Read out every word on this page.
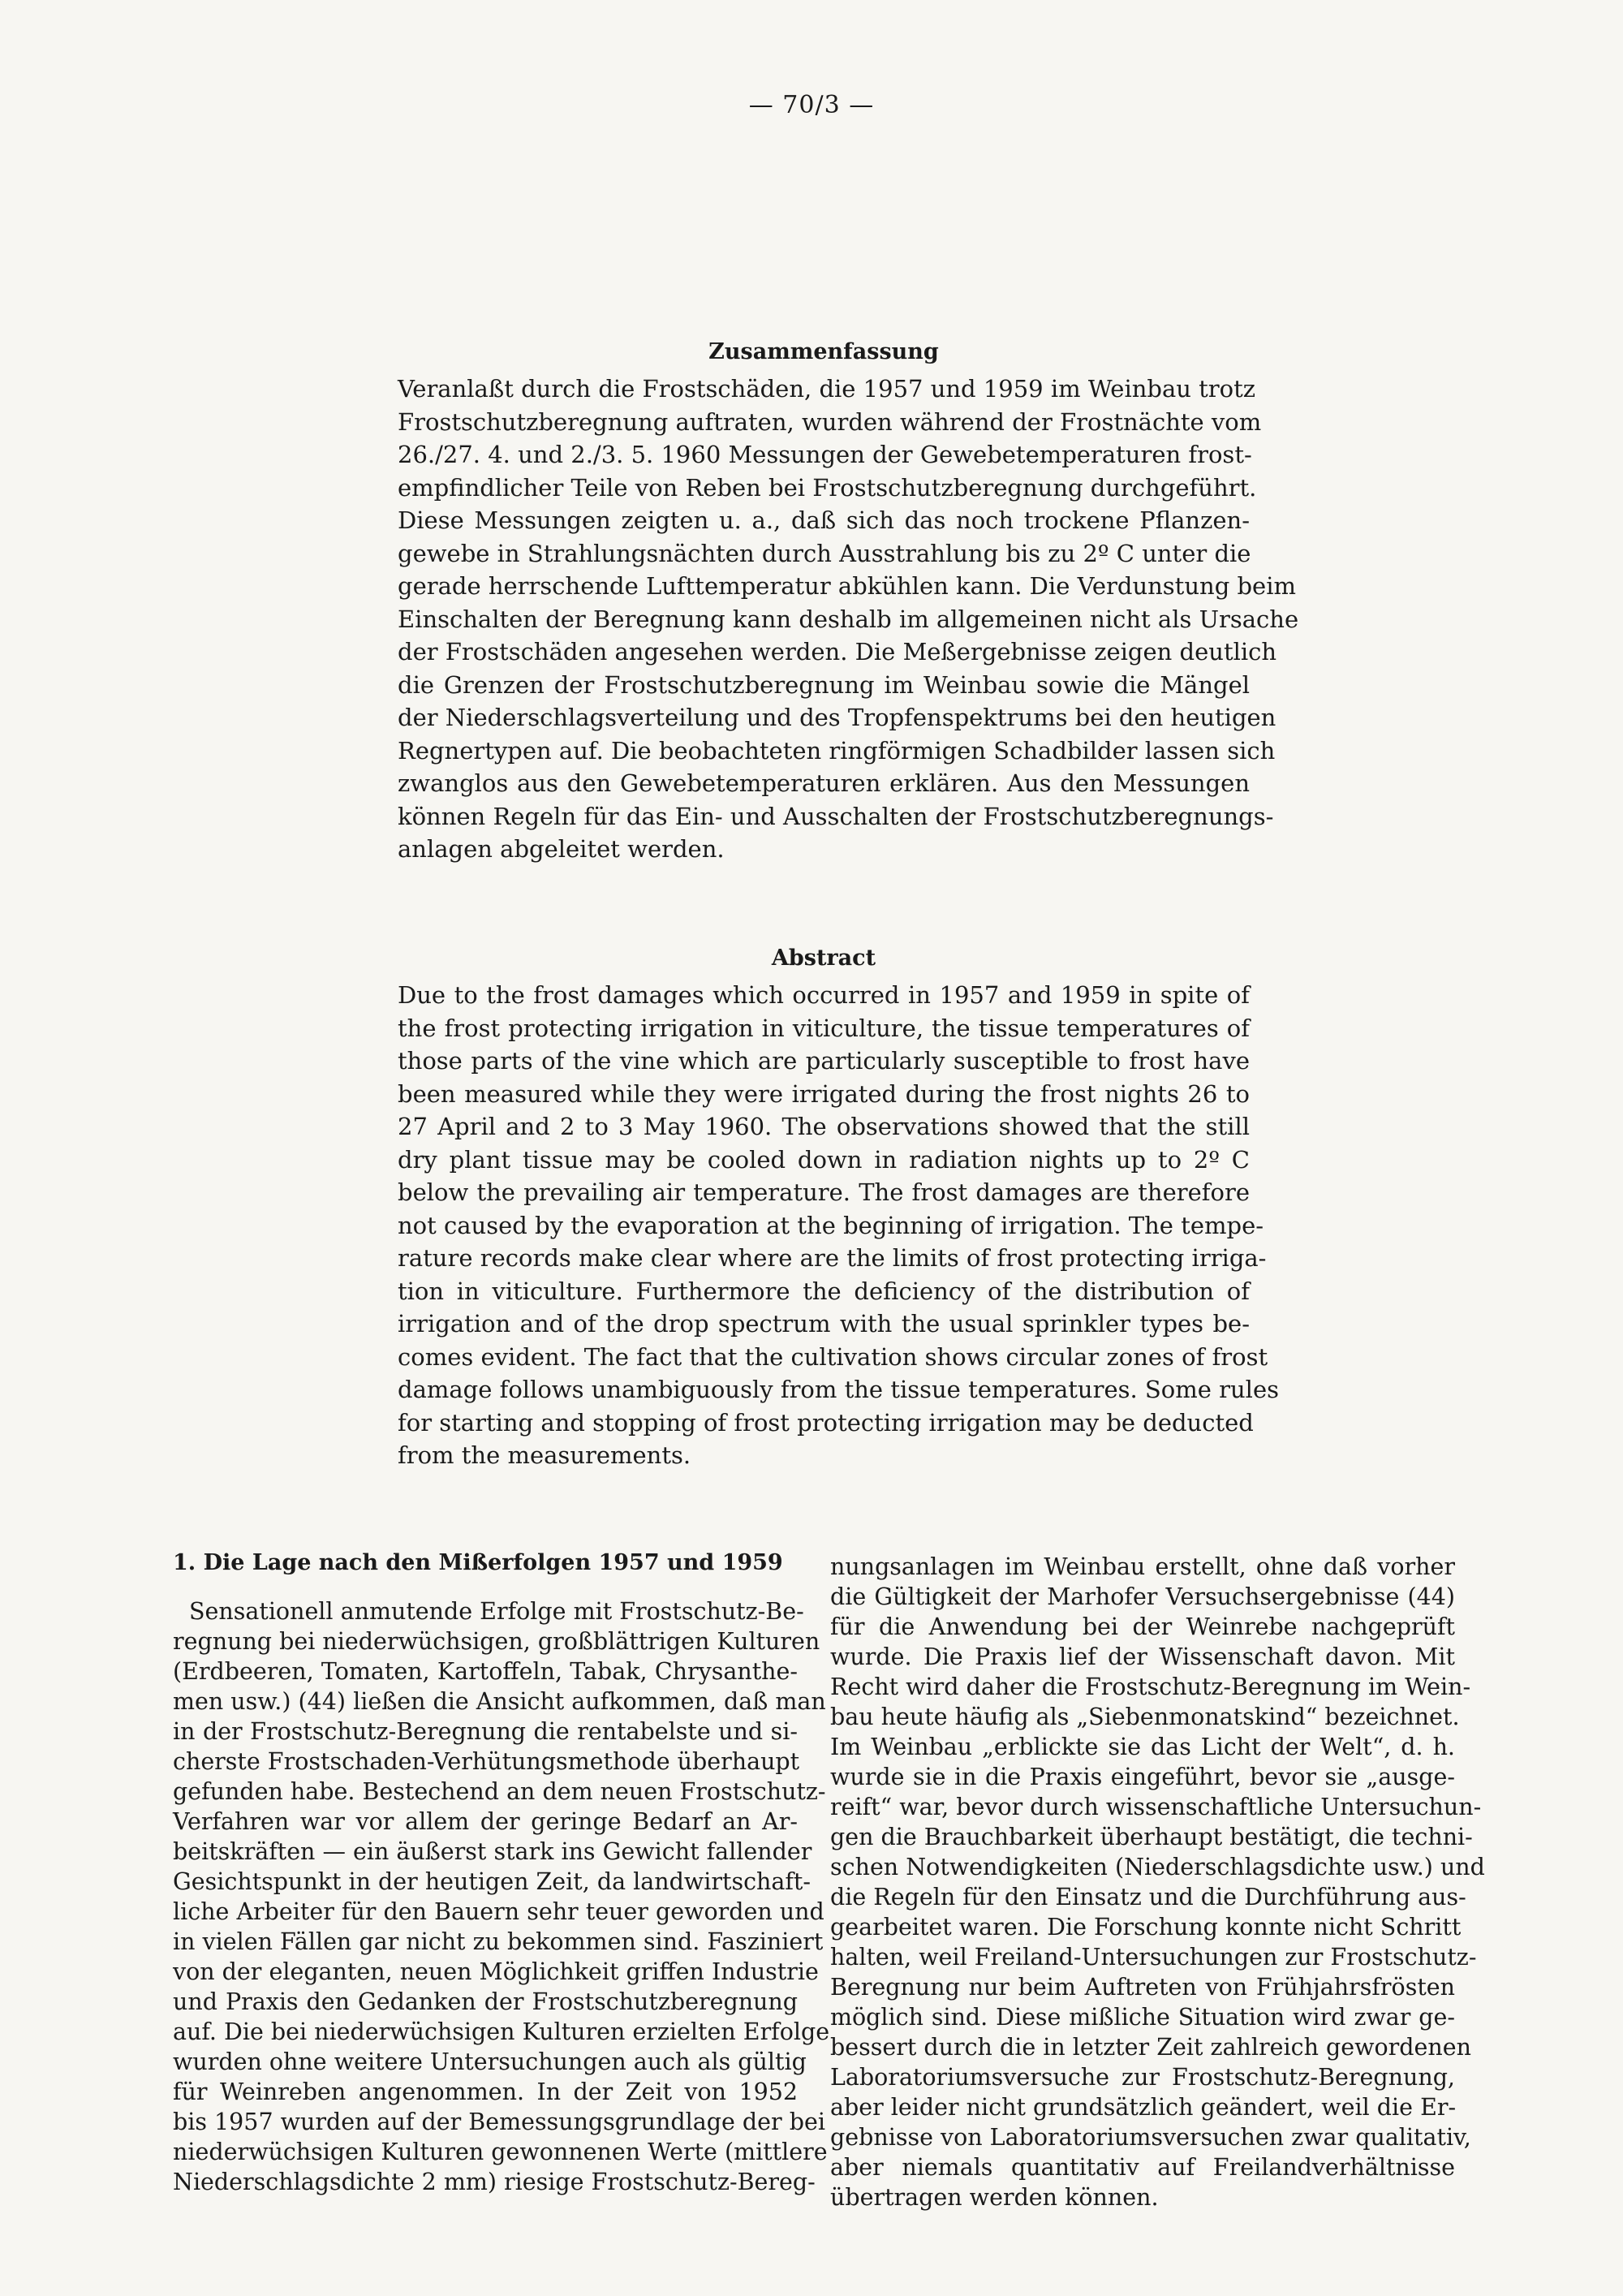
— 70/3 —
Zusammenfassung
Veranlaßt durch die Frostschäden, die 1957 und 1959 im Weinbau trotz
Frostschutzberegnung auftraten, wurden während der Frostnächte vom
26./27. 4. und 2./3. 5. 1960 Messungen der Gewebetemperaturen frost-
empfindlicher Teile von Reben bei Frostschutzberegnung durchgeführt.
Diese Messungen zeigten u. a., daß sich das noch trockene Pflanzen-
gewebe in Strahlungsnächten durch Ausstrahlung bis zu 2º C unter die
gerade herrschende Lufttemperatur abkühlen kann. Die Verdunstung beim
Einschalten der Beregnung kann deshalb im allgemeinen nicht als Ursache
der Frostschäden angesehen werden. Die Meßergebnisse zeigen deutlich
die Grenzen der Frostschutzberegnung im Weinbau sowie die Mängel
der Niederschlagsverteilung und des Tropfenspektrums bei den heutigen
Regnertypen auf. Die beobachteten ringförmigen Schadbilder lassen sich
zwanglos aus den Gewebetemperaturen erklären. Aus den Messungen
können Regeln für das Ein- und Ausschalten der Frostschutzberegnungs-
anlagen abgeleitet werden.
Abstract
Due to the frost damages which occurred in 1957 and 1959 in spite of
the frost protecting irrigation in viticulture, the tissue temperatures of
those parts of the vine which are particularly susceptible to frost have
been measured while they were irrigated during the frost nights 26 to
27 April and 2 to 3 May 1960. The observations showed that the still
dry plant tissue may be cooled down in radiation nights up to 2º C
below the prevailing air temperature. The frost damages are therefore
not caused by the evaporation at the beginning of irrigation. The tempe-
rature records make clear where are the limits of frost protecting irriga-
tion in viticulture. Furthermore the deficiency of the distribution of
irrigation and of the drop spectrum with the usual sprinkler types be-
comes evident. The fact that the cultivation shows circular zones of frost
damage follows unambiguously from the tissue temperatures. Some rules
for starting and stopping of frost protecting irrigation may be deducted
from the measurements.
1. Die Lage nach den Mißerfolgen 1957 und 1959
Sensationell anmutende Erfolge mit Frostschutz-Be-
regnung bei niederwüchsigen, großblättrigen Kulturen
(Erdbeeren, Tomaten, Kartoffeln, Tabak, Chrysanthe-
men usw.) (44) ließen die Ansicht aufkommen, daß man
in der Frostschutz-Beregnung die rentabelste und si-
cherste Frostschaden-Verhütungsmethode überhaupt
gefunden habe. Bestechend an dem neuen Frostschutz-
Verfahren war vor allem der geringe Bedarf an Ar-
beitskräften — ein äußerst stark ins Gewicht fallender
Gesichtspunkt in der heutigen Zeit, da landwirtschaft-
liche Arbeiter für den Bauern sehr teuer geworden und
in vielen Fällen gar nicht zu bekommen sind. Fasziniert
von der eleganten, neuen Möglichkeit griffen Industrie
und Praxis den Gedanken der Frostschutzberegnung
auf. Die bei niederwüchsigen Kulturen erzielten Erfolge
wurden ohne weitere Untersuchungen auch als gültig
für Weinreben angenommen. In der Zeit von 1952
bis 1957 wurden auf der Bemessungsgrundlage der bei
niederwüchsigen Kulturen gewonnenen Werte (mittlere
Niederschlagsdichte 2 mm) riesige Frostschutz-Bereg-
nungsanlagen im Weinbau erstellt, ohne daß vorher
die Gültigkeit der Marhofer Versuchsergebnisse (44)
für die Anwendung bei der Weinrebe nachgeprüft
wurde. Die Praxis lief der Wissenschaft davon. Mit
Recht wird daher die Frostschutz-Beregnung im Wein-
bau heute häufig als „Siebenmonatskind“ bezeichnet.
Im Weinbau „erblickte sie das Licht der Welt“, d. h.
wurde sie in die Praxis eingeführt, bevor sie „ausge-
reift“ war, bevor durch wissenschaftliche Untersuchun-
gen die Brauchbarkeit überhaupt bestätigt, die techni-
schen Notwendigkeiten (Niederschlagsdichte usw.) und
die Regeln für den Einsatz und die Durchführung aus-
gearbeitet waren. Die Forschung konnte nicht Schritt
halten, weil Freiland-Untersuchungen zur Frostschutz-
Beregnung nur beim Auftreten von Frühjahrsfrösten
möglich sind. Diese mißliche Situation wird zwar ge-
bessert durch die in letzter Zeit zahlreich gewordenen
Laboratoriumsversuche zur Frostschutz-Beregnung,
aber leider nicht grundsätzlich geändert, weil die Er-
gebnisse von Laboratoriumsversuchen zwar qualitativ,
aber niemals quantitativ auf Freilandverhältnisse
übertragen werden können.
